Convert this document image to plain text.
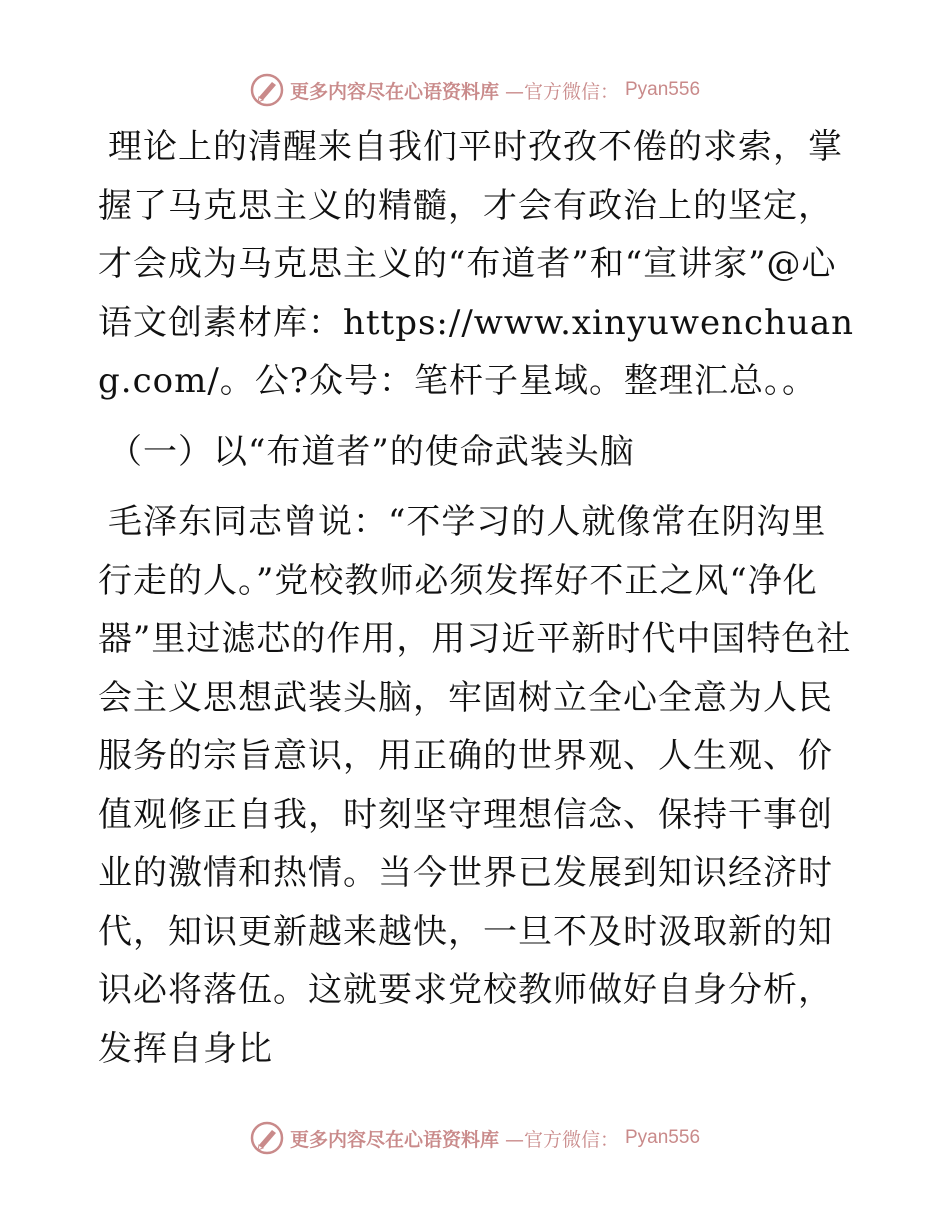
更多内容尽在心语资料库 —官方微信： Pyan556

理论上的清醒来自我们平时孜孜不倦的求索，掌握了马克思主义的精髓，才会有政治上的坚定，才会成为马克思主义的“布道者”和“宣讲家”@心语文创素材库：https://www.xinyuwenchuang.com/。公?众号：笔杆子星域。整理汇总。。

（一）以“布道者”的使命武装头脑

毛泽东同志曾说：“不学习的人就像常在阴沟里行走的人。”党校教师必须发挥好不正之风“净化器”里过滤芯的作用，用习近平新时代中国特色社会主义思想武装头脑，牢固树立全心全意为人民服务的宗旨意识，用正确的世界观、人生观、价值观修正自我，时刻坚守理想信念、保持干事创业的激情和热情。当今世界已发展到知识经济时代，知识更新越来越快，一旦不及时汲取新的知识必将落伍。这就要求党校教师做好自身分析，发挥自身比

更多内容尽在心语资料库 —官方微信： Pyan556
